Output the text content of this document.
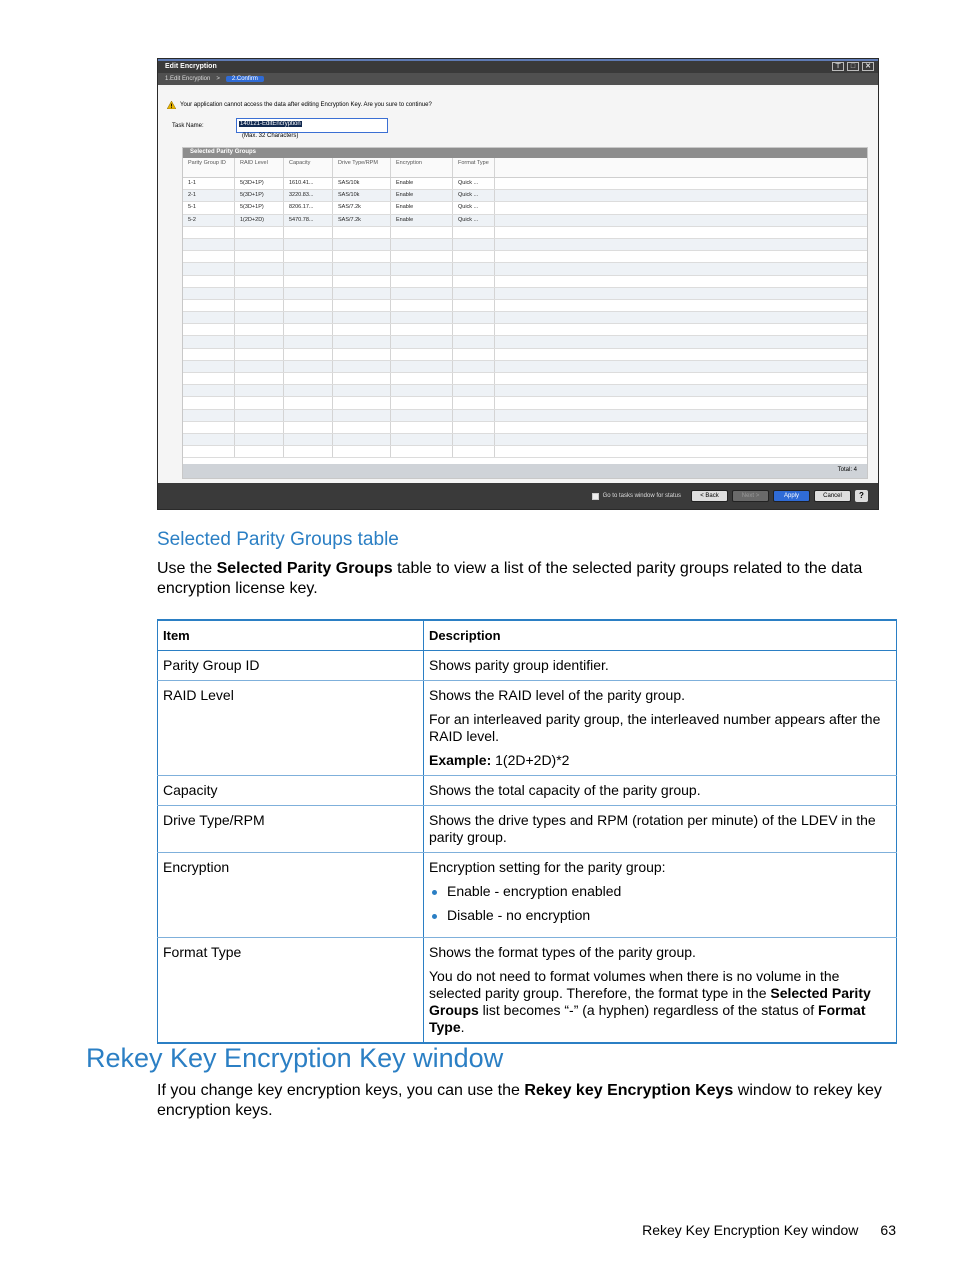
Edit Encryption	⊤	□	✕
1.Edit Encryption >	2.Confirm
Your application cannot access the data after editing Encryption Key. Are you sure to continue?
Task Name:	140121-EditEncryption
(Max. 32 Characters)
Selected Parity Groups
Parity Group ID	RAID Level	Capacity	Drive Type/RPM	Encryption	Format Type
1-1	5(3D+1P)	1610.41...	SAS/10k	Enable	Quick ...
2-1	5(3D+1P)	3220.83...	SAS/10k	Enable	Quick ...
5-1	5(3D+1P)	8206.17...	SAS/7.2k	Enable	Quick ...
5-2	1(2D+2D)	5470.78...	SAS/7.2k	Enable	Quick ...
Total: 4
Go to tasks window for status	< Back	Next >	Apply	Cancel	?
Selected Parity Groups table

Use the Selected Parity Groups table to view a list of the selected parity groups related to the data encryption license key.

Item	Description
Parity Group ID	Shows parity group identifier.

RAID Level	Shows the RAID level of the parity group.

For an interleaved parity group, the interleaved number appears after the RAID level.

Example: 1(2D+2D)*2

Capacity	Shows the total capacity of the parity group.

Drive Type/RPM	Shows the drive types and RPM (rotation per minute) of the LDEV in the parity group.

Encryption	Encryption setting for the parity group:

Enable - encryption enabled
Disable - no encryption

Format Type	Shows the format types of the parity group.

You do not need to format volumes when there is no volume in the selected parity group. Therefore, the format type in the Selected Parity Groups list becomes “-” (a hyphen) regardless of the status of Format Type.

Rekey Key Encryption Key window

If you change key encryption keys, you can use the Rekey key Encryption Keys window to rekey key encryption keys.

Rekey Key Encryption Key window 63
